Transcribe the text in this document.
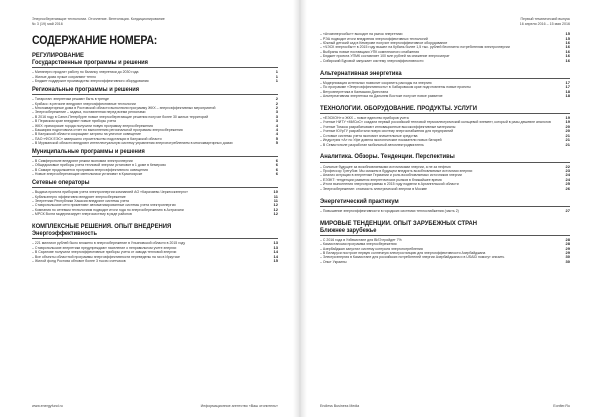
Энергосберегающие технологии. Отопление. Вентиляция. Кондиционирование
№ 3 (19) май 2016
СОДЕРЖАНИЕ НОМЕРА:
РЕГУЛИРОВАНИЕ
Государственные программы и решения
– Минэнерго продлит работу по балансу энергетики до 2030 года	1
– Жилые дома лучше сохраняют тепло	1
– Бюджет поддержит производство энергоэффективного оборудования	1
Региональные программы и решения
– Татарстан: энергетики решают быть в тренде	2
– Кузбасс: в регионе внедряют энергоэффективные технологии	2
– Многоквартирные дома в Ростовской области выполнили программу ЖКХ – энергоэффективных мероприятий	2
– Энергосбережение – задача, поставленная перед всеми регионами	3
– В 2016 году в Санкт-Петербурге новые энергосберегающие решения получат более 30 жилых территорий	3
– В Пермском крае внедряют новые приборы учета	3
– ЖКХ: приморские города получили новую программу энергосбережения	4
– Башкирия подготовила отчет по выполнению региональной программы энергосбережения	4
– В Калужской области сокращают затраты на уличное освещение	4
– ПАО «ФСК ЕЭС» завершило строительство подстанции в Калужской области	5
– В Мурманской области внедряют интеллектуальную систему управления энергопотреблением в многоквартирных домах	5
Муниципальные программы и решения
– В Симферополе внедряют режим экономии электроэнергии	6
– Общедомовые приборы учета тепловой энергии установят в 1 доме в Кемерово	6
– В Самаре продолжается программа энергоэффективного освещения	6
– Новые энергосберегающие светильники установят в Красноярске	6
Сетевые операторы
– Выдача проекта приборам учета электроэнергии компанией АО «Карачаево-Черкесскэнерго»	10
– Кубаньэнерго эффективно внедряет энергосбережение	11
– Энергетики Республики Хакасия внедряют системы учета	11
– Ставропольские сети применяют автоматизированные системы учета электроэнергии	12
– Компания по сетевым технологиям подводит итоги года по энергосбережению в Астрахани	12
– МРСК Волги модернизирует энергосистему в ряде районов	12
КОМПЛЕКСНЫЕ РЕШЕНИЯ. ОПЫТ ВНЕДРЕНИЯ
Энергоэффективность
– 221 миллион рублей было вложено в энергосбережение в Ульяновской области в 2015 году	13
– Ставропольские энергетики предупреждают население о неправильном учете энергии	13
– В Саратове получили энергоэффективные приборы учета от завода тепловой энергии	14
– Все объекты областной программы энергоэффективности переведены на газ в Иркутске	14
– Жилой фонд Ростова обновит более 3 тысяч счетчиков	15
www.energyfund.ru	Информационное агентство «Ваш отопитель»
Первый тематический выпуск
16 апреля 2016 – 15 мая 2016
– «Атомэнергосбыт» выходит на рынок энергетики	15
– РЭА подводит итоги внедрения энергоэффективных технологий	15
– Южный детский сад в Кемерове получит энергоэффективное оборудование	16
– «ЧЭСК энергосбыт» в 2015 году вышел на Кубань более 1,5 тыс. рублей бесплатно потребителям электроэнергии	16
– Выбраны новые поставщики УПК комплексного снабжения	16
– Бюджет проекта УПМК составляет 100 млн рублей на снижение энергозатрат	16
– Сибирский Буровой запускает систему энергоэффективности	16
Альтернативная энергетика
– Модернизация котельных позволит сократить расходы на энергию	17
– По программе «Энергоэффективность» в Хабаровском крае подготовлены новые проекты	17
– Ветроэнергетика в Калмыкии Дагестана	18
– Альтернативная энергетика на Дальнем Востоке получит новое развитие	18
ТЕХНОЛОГИИ. ОБОРУДОВАНИЕ. ПРОДУКТЫ. УСЛУГИ
– «ЕЭСКОН» и ЖКХ – новое единство приборов учета	19
– Ученые НИТУ «МИСиС» создали первый российский тепловой термоэлектрический кольцевой элемент, который в разы дешевле аналогов	19
– Ученые Томска разрабатывают инновационные высокоэффективные материалы	20
– Ученые ЮУрГУ разработали новую систему энергоснабжения для предприятий	20
– Сотовые системы учета экономят значительные средства	21
– Индустрия «А» по Уфе довела экологические показатели новых батарей	21
– В Севастополе разработан мобильный автоэлектродвигатель	21
Аналитика. Обзоры. Тенденции. Перспективы
– Сильные будущее за возобновляемыми источниками энергии, а не за нефтью	22
– Профессор Трегубов: Мы сможем в будущем внедрять возобновляемые источники энергии	23
– Анализ ситуации в энергетике Германии и роль возобновляемых источников энергии	24
– ЕЭЭКТ: тенденции развития энергетических рынков в ближайшее время	24
– Итоги выполнения энергопрограммы в 2015 году подвели в Архангельской области	25
– Энергосбережение: стоимость электрической энергии в Москве	26
Энергетический практикум
– Повышение энергоэффективности в городских системах теплоснабжения (часть 2)	27
МИРОВЫЕ ТЕНДЕНЦИИ. ОПЫТ ЗАРУБЕЖНЫХ СТРАН
Ближнее зарубежье
– С 2016 года в Узбекистане для ВИЭ пройдет 7%	28
– Казахстанская программа энергосбережения	28
– Азербайджан запустил систему контроля энергопотребления	29
– В Беларуси построят первую солнечную электростанцию для энергоэффективности Азербайджана	29
– Электроэнергия в Казахстане для российских потребителей энергии Азербайджана и в USAID помогут снизить	30
– Опыт Украины	30
Endless Business Media	Eonfier.Ru
